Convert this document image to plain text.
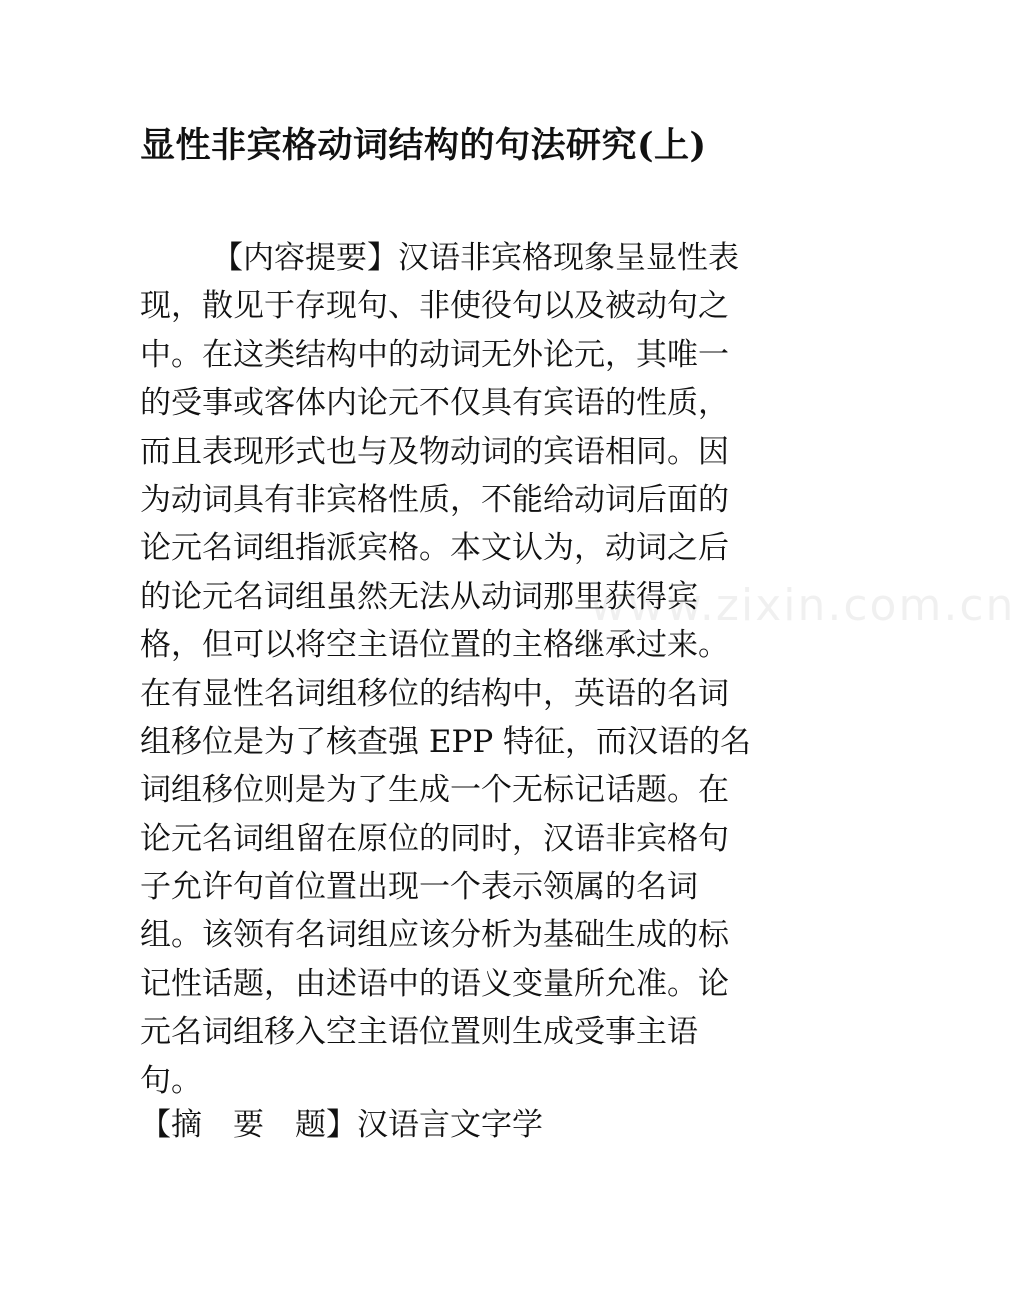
显性非宾格动词结构的句法研究(上)
【内容提要】汉语非宾格现象呈显性表
现，散见于存现句、非使役句以及被动句之
中。在这类结构中的动词无外论元，其唯一
的受事或客体内论元不仅具有宾语的性质，
而且表现形式也与及物动词的宾语相同。因
为动词具有非宾格性质，不能给动词后面的
论元名词组指派宾格。本文认为，动词之后
的论元名词组虽然无法从动词那里获得宾
格，但可以将空主语位置的主格继承过来。
在有显性名词组移位的结构中，英语的名词
组移位是为了核查强 EPP 特征，而汉语的名
词组移位则是为了生成一个无标记话题。在
论元名词组留在原位的同时，汉语非宾格句
子允许句首位置出现一个表示领属的名词
组。该领有名词组应该分析为基础生成的标
记性话题，由述语中的语义变量所允准。论
元名词组移入空主语位置则生成受事主语
句。

【摘　要　题】汉语言文字学

www.zixin.com.cn
